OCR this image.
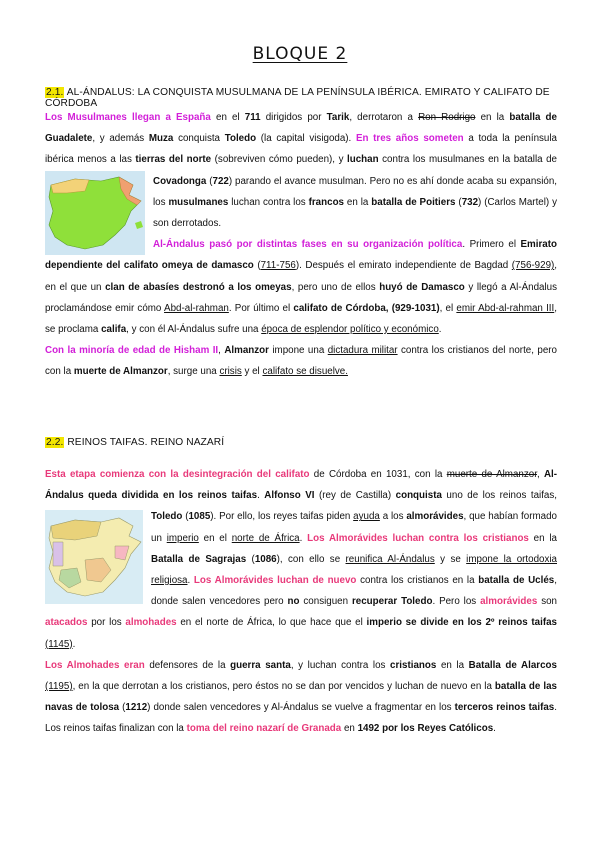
BLOQUE 2
2.1. AL-ÁNDALUS: LA CONQUISTA MUSULMANA DE LA PENÍNSULA IBÉRICA. EMIRATO Y CALIFATO DE CÓRDOBA

Los Musulmanes llegan a España en el 711 dirigidos por Tarik, derrotaron a Ron Rodrigo en la batalla de Guadalete, y además Muza conquista Toledo (la capital visigoda). En tres años someten a toda la península ibérica menos a las tierras del norte (sobreviven cómo pueden), y luchan contra los musulmanes en la batalla de
Covadonga (722) parando el avance musulman. Pero no es ahí donde acaba su expansión, los musulmanes luchan contra los francos en la batalla de Poitiers (732) (Carlos Martel) y son derrotados.

Al-Ándalus pasó por distintas fases en su organización política. Primero el Emirato dependiente del califato omeya de damasco (711-756). Después el emirato independiente de Bagdad (756-929), en el que un clan de abasíes destronó a los omeyas, pero uno de ellos huyó de Damasco y llegó a Al-Ándalus proclamándose emir cómo Abd-al-rahman. Por último el califato de Córdoba, (929-1031), el emir Abd-al-rahman III, se proclama califa, y con él Al-Ándalus sufre una época de esplendor político y económico.

Con la minoría de edad de Hisham II, Almanzor impone una dictadura militar contra los cristianos del norte, pero con la muerte de Almanzor, surge una crisis y el califato se disuelve.

2.2. REINOS TAIFAS. REINO NAZARÍ

Esta etapa comienza con la desintegración del califato de Córdoba en 1031, con la muerte de Almanzor, Al-Ándalus queda dividida en los reinos taifas. Alfonso VI (rey de Castilla) conquista uno de los reinos taifas,
Toledo (1085). Por ello, los reyes taifas piden ayuda a los almorávides, que habían formado un imperio en el norte de África. Los Almorávides luchan contra los cristianos en la Batalla de Sagrajas (1086), con ello se reunifica Al-Ándalus y se impone la ortodoxia religiosa. Los Almorávides luchan de nuevo contra los cristianos en la batalla de Uclés, donde salen vencedores pero no consiguen recuperar Toledo. Pero los almorávides son atacados por los almohades en el norte de África, lo que hace que el imperio se divide en los 2º reinos taifas (1145).

Los Almohades eran defensores de la guerra santa, y luchan contra los cristianos en la Batalla de Alarcos (1195), en la que derrotan a los cristianos, pero éstos no se dan por vencidos y luchan de nuevo en la batalla de las navas de tolosa (1212) donde salen vencedores y Al-Ándalus se vuelve a fragmentar en los terceros reinos taifas. Los reinos taifas finalizan con la toma del reino nazarí de Granada en 1492 por los Reyes Católicos.
